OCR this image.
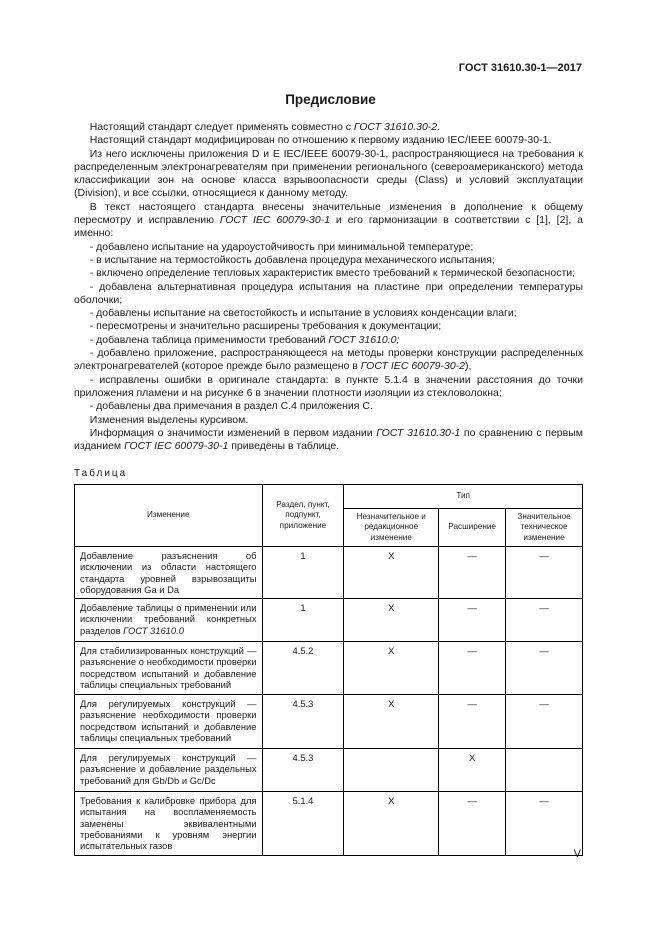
ГОСТ 31610.30-1—2017
Предисловие

Настоящий стандарт следует применять совместно с ГОСТ 31610.30-2.

Настоящий стандарт модифицирован по отношению к первому изданию IEC/IEEE 60079-30-1.

Из него исключены приложения D и Е IEC/IEEE 60079-30-1, распространяющиеся на требования к распределенным электронагревателям при применении регионального (североамериканского) метода классификации зон на основе класса взрывоопасности среды (Class) и условий эксплуатации (Division), и все ссылки, относящиеся к данному методу.

В текст настоящего стандарта внесены значительные изменения в дополнение к общему пересмотру и исправлению ГОСТ IEC 60079-30-1 и его гармонизации в соответствии с [1], [2], а именно:

- добавлено испытание на удароустойчивость при минимальной температуре;

- в испытание на термостойкость добавлена процедура механического испытания;

- включено определение тепловых характеристик вместо требований к термической безопасности;

- добавлена альтернативная процедура испытания на пластине при определении температуры оболочки;

- добавлены испытание на светостойкость и испытание в условиях конденсации влаги;

- пересмотрены и значительно расширены требования к документации;

- добавлена таблица применимости требований ГОСТ 31610.0;

- добавлено приложение, распространяющееся на методы проверки конструкции распределенных электронагревателей (которое прежде было размещено в ГОСТ IEC 60079-30-2),

- исправлены ошибки в оригинале стандарта: в пункте 5.1.4 в значении расстояния до точки приложения пламени и на рисунке 6 в значении плотности изоляции из стекловолокна;

- добавлены два примечания в раздел С.4 приложения С.

Изменения выделены курсивом.

Информация о значимости изменений в первом издании ГОСТ 31610.30-1 по сравнению с первым изданием ГОСТ IEC 60079-30-1 приведены в таблице.

Таблица
Изменение	Раздел, пункт, подпункт, приложение	Тип		
		Незначительное и редакционное изменение	Расширение	Значительное техническое изменение
Добавление разъяснения об исключении из области настоящего стандарта уровней взрывозащиты оборудования Ga и Da	1	X	—	—
Добавление таблицы о применении или исключении требований конкретных разделов ГОСТ 31610.0	1	X	—	—
Для стабилизированных конструкций — разъяснение о необходимости проверки посредством испытаний и добавление таблицы специальных требований	4.5.2	X	—	—
Для регулируемых конструкций — разъяснение необходимости проверки посредством испытаний и добавление таблицы специальных требований	4.5.3	X	—	—
Для регулируемых конструкций — разъяснение и добавление раздельных требований для Gb/Db и Gc/Dc	4.5.3		X	
Требования к калибровке прибора для испытания на воспламеняемость заменены эквивалентными требованиями к уровням энергии испытательных газов	5.1.4	X	—	—
V
